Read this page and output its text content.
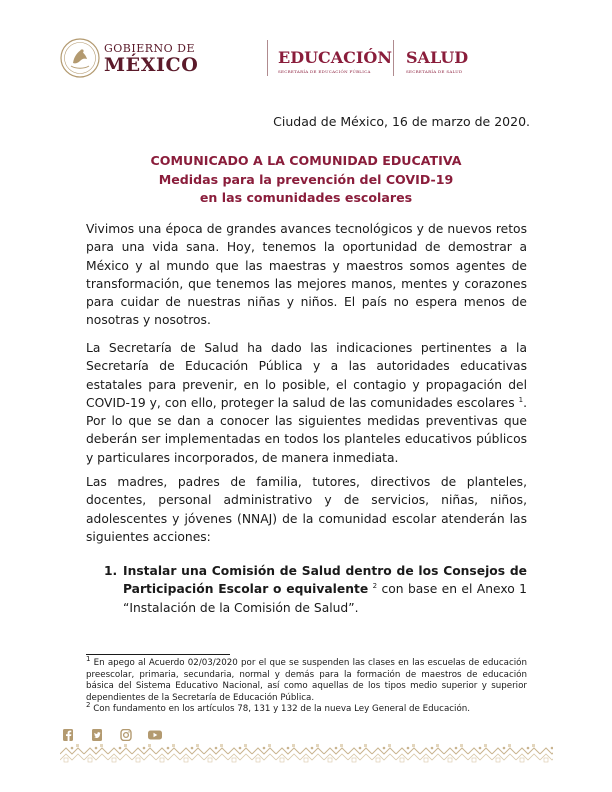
GOBIERNO DE
MÉXICO	EDUCACIÓN
SECRETARÍA DE EDUCACIÓN PÚBLICA
SALUD
SECRETARÍA DE SALUD
Ciudad de México, 16 de marzo de 2020.
COMUNICADO A LA COMUNIDAD EDUCATIVA
Medidas para la prevención del COVID-19
en las comunidades escolares
Vivimos una época de grandes avances tecnológicos y de nuevos retos para una vida sana. Hoy, tenemos la oportunidad de demostrar a México y al mundo que las maestras y maestros somos agentes de transformación, que tenemos las mejores manos, mentes y corazones para cuidar de nuestras niñas y niños. El país no espera menos de nosotras y nosotros.
La Secretaría de Salud ha dado las indicaciones pertinentes a la Secretaría de Educación Pública y a las autoridades educativas estatales para prevenir, en lo posible, el contagio y propagación del COVID-19 y, con ello, proteger la salud de las comunidades escolares $^1$. Por lo que se dan a conocer las siguientes medidas preventivas que deberán ser implementadas en todos los planteles educativos públicos y particulares incorporados, de manera inmediata.
Las madres, padres de familia, tutores, directivos de planteles, docentes, personal administrativo y de servicios, niñas, niños, adolescentes y jóvenes (NNAJ) de la comunidad escolar atenderán las siguientes acciones:
1. Instalar una Comisión de Salud dentro de los Consejos de Participación Escolar o equivalente $^2$ con base en el Anexo 1 “Instalación de la Comisión de Salud”.
$^1$ En apego al Acuerdo 02/03/2020 por el que se suspenden las clases en las escuelas de educación preescolar, primaria, secundaria, normal y demás para la formación de maestros de educación básica del Sistema Educativo Nacional, así como aquellas de los tipos medio superior y superior dependientes de la Secretaría de Educación Pública.
$^2$ Con fundamento en los artículos 78, 131 y 132 de la nueva Ley General de Educación.
